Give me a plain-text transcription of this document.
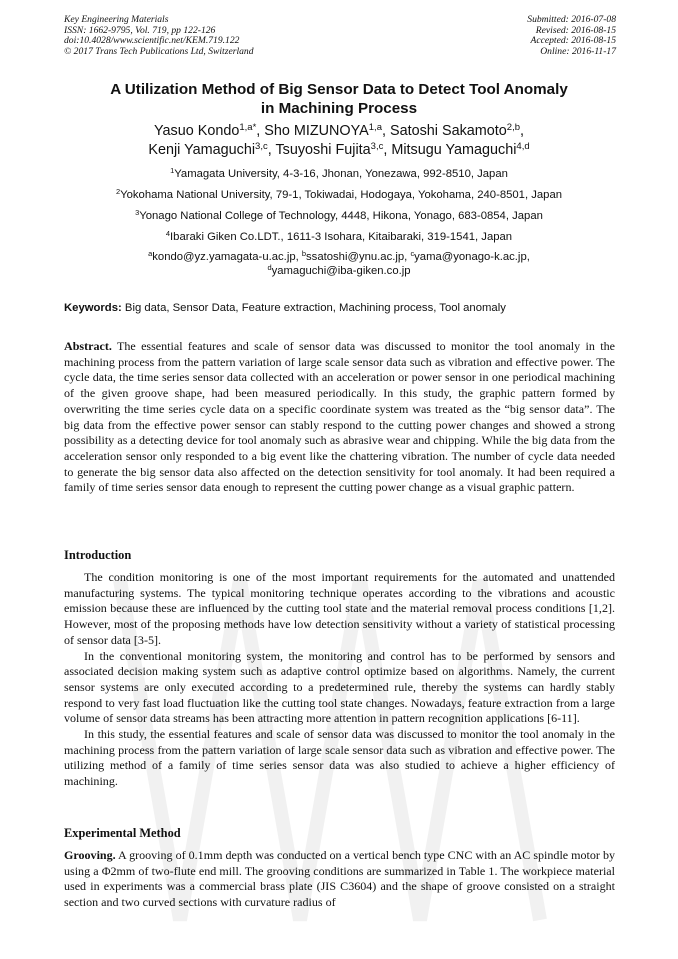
Key Engineering Materials
ISSN: 1662-9795, Vol. 719, pp 122-126
doi:10.4028/www.scientific.net/KEM.719.122
© 2017 Trans Tech Publications Ltd, Switzerland
Submitted: 2016-07-08
Revised: 2016-08-15
Accepted: 2016-08-15
Online: 2016-11-17
A Utilization Method of Big Sensor Data to Detect Tool Anomaly
in Machining Process
Yasuo Kondo$^{1,a*}$, Sho MIZUNOYA$^{1,a}$, Satoshi Sakamoto$^{2,b}$,
Kenji Yamaguchi$^{3,c}$, Tsuyoshi Fujita$^{3,c}$, Mitsugu Yamaguchi$^{4,d}$
$^1$Yamagata University, 4-3-16, Jhonan, Yonezawa, 992-8510, Japan
$^2$Yokohama National University, 79-1, Tokiwadai, Hodogaya, Yokohama, 240-8501, Japan
$^3$Yonago National College of Technology, 4448, Hikona, Yonago, 683-0854, Japan
$^4$Ibaraki Giken Co.LDT., 1611-3 Isohara, Kitaibaraki, 319-1541, Japan
$^a$kondo@yz.yamagata-u.ac.jp, $^b$ssatoshi@ynu.ac.jp, $^c$yama@yonago-k.ac.jp,
$^d$yamaguchi@iba-giken.co.jp
Keywords: Big data, Sensor Data, Feature extraction, Machining process, Tool anomaly
Abstract. The essential features and scale of sensor data was discussed to monitor the tool anomaly in the machining process from the pattern variation of large scale sensor data such as vibration and effective power. The cycle data, the time series sensor data collected with an acceleration or power sensor in one periodical machining of the given groove shape, had been measured periodically. In this study, the graphic pattern formed by overwriting the time series cycle data on a specific coordinate system was treated as the “big sensor data”. The big data from the effective power sensor can stably respond to the cutting power changes and showed a strong possibility as a detecting device for tool anomaly such as abrasive wear and chipping. While the big data from the acceleration sensor only responded to a big event like the chattering vibration. The number of cycle data needed to generate the big sensor data also affected on the detection sensitivity for tool anomaly. It had been required a family of time series sensor data enough to represent the cutting power change as a visual graphic pattern.
Introduction

The condition monitoring is one of the most important requirements for the automated and unattended manufacturing systems. The typical monitoring technique operates according to the vibrations and acoustic emission because these are influenced by the cutting tool state and the material removal process conditions [1,2]. However, most of the proposing methods have low detection sensitivity without a variety of statistical processing of sensor data [3-5].

In the conventional monitoring system, the monitoring and control has to be performed by sensors and associated decision making system such as adaptive control optimize based on algorithms. Namely, the current sensor systems are only executed according to a predetermined rule, thereby the systems can hardly stably respond to very fast load fluctuation like the cutting tool state changes. Nowadays, feature extraction from a large volume of sensor data streams has been attracting more attention in pattern recognition applications [6-11].

In this study, the essential features and scale of sensor data was discussed to monitor the tool anomaly in the machining process from the pattern variation of large scale sensor data such as vibration and effective power. The utilizing method of a family of time series sensor data was also studied to achieve a higher efficiency of machining.

Experimental Method

Grooving. A grooving of 0.1mm depth was conducted on a vertical bench type CNC with an AC spindle motor by using a Φ2mm of two-flute end mill. The grooving conditions are summarized in Table 1. The workpiece material used in experiments was a commercial brass plate (JIS C3604) and the shape of groove consisted on a straight section and two curved sections with curvature radius of
